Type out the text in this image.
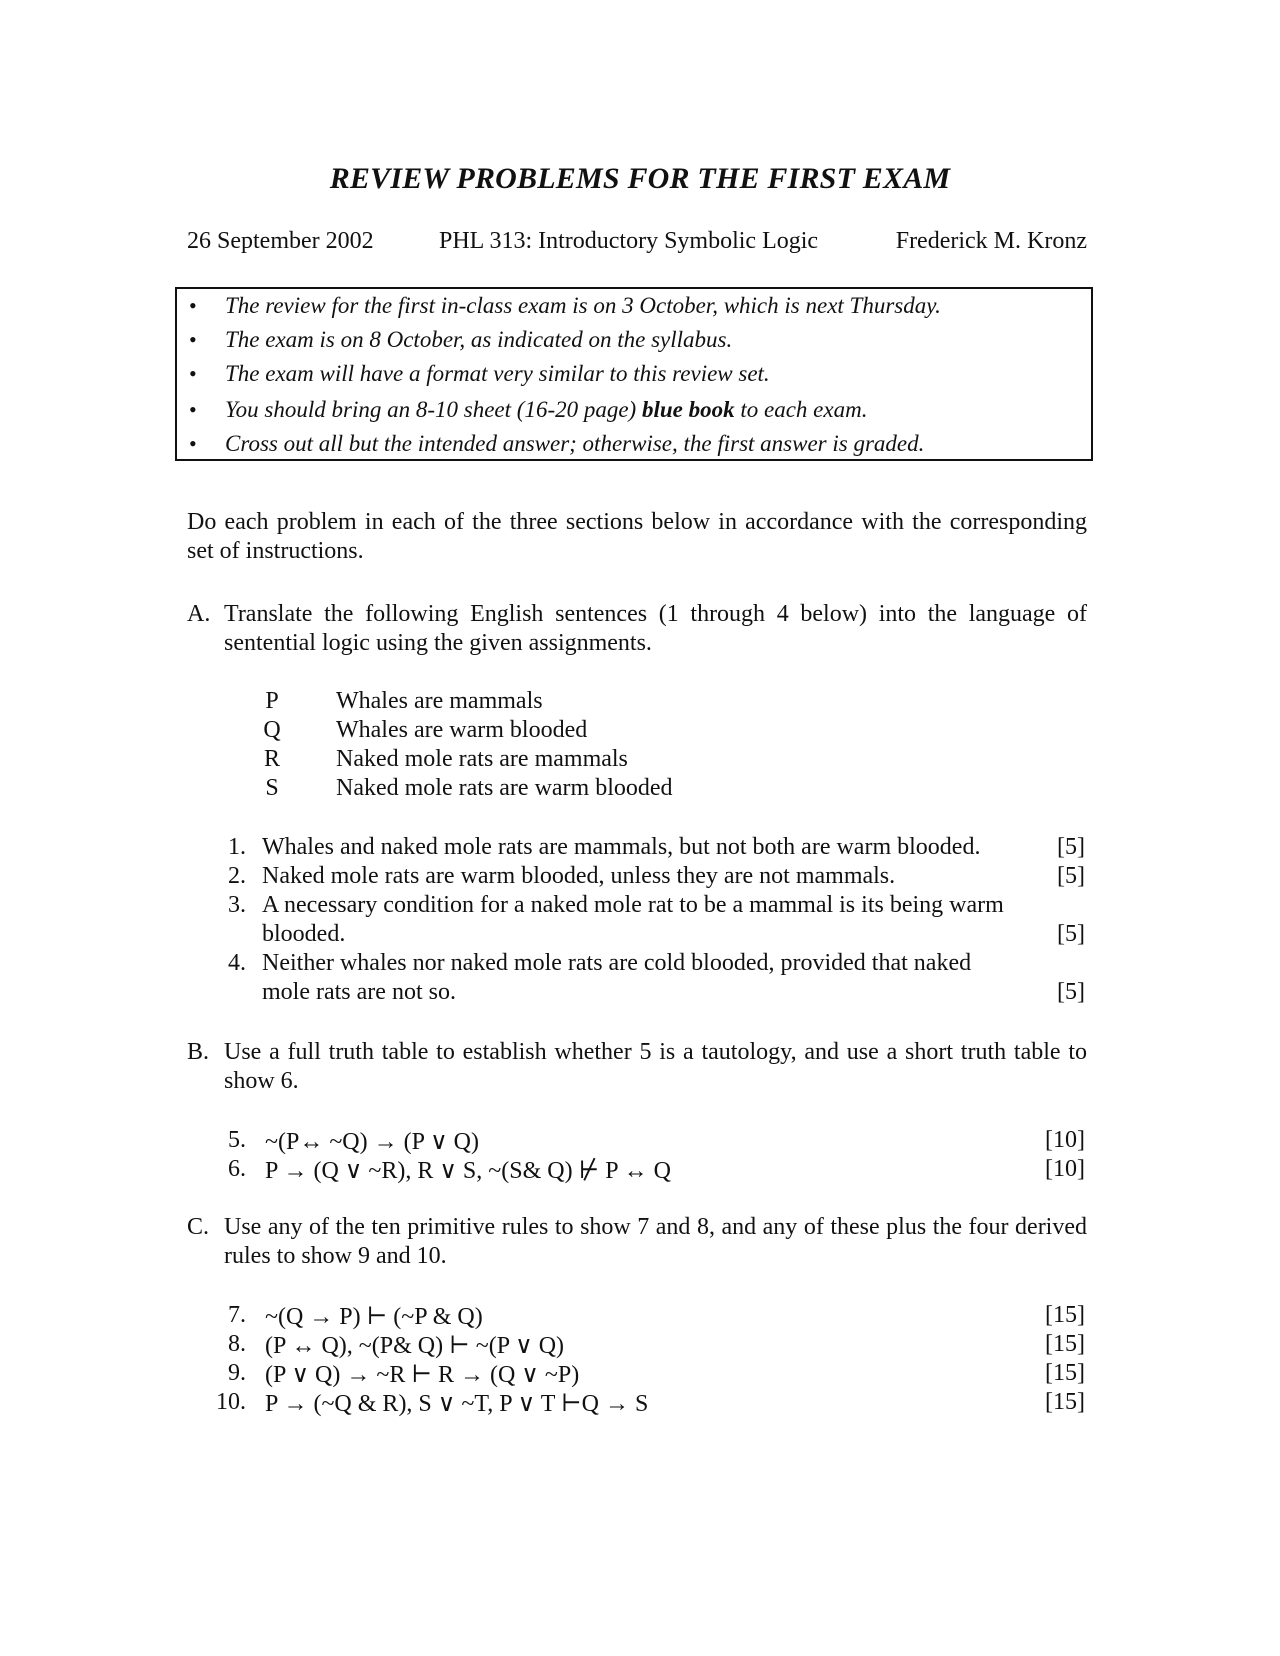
REVIEW PROBLEMS FOR THE FIRST EXAM
26 September 2002	PHL 313: Introductory Symbolic Logic	Frederick M. Kronz
• The review for the first in-class exam is on 3 October, which is next Thursday.
• The exam is on 8 October, as indicated on the syllabus.
• The exam will have a format very similar to this review set.
• You should bring an 8-10 sheet (16-20 page) blue book to each exam.
• Cross out all but the intended answer; otherwise, the first answer is graded.
Do each problem in each of the three sections below in accordance with the corresponding set of instructions.
A. Translate the following English sentences (1 through 4 below) into the language of sentential logic using the given assignments.
P Whales are mammals
Q Whales are warm blooded
R Naked mole rats are mammals
S Naked mole rats are warm blooded
1. Whales and naked mole rats are mammals, but not both are warm blooded.	[5]
2. Naked mole rats are warm blooded, unless they are not mammals.	[5]
3. A necessary condition for a naked mole rat to be a mammal is its being warm
blooded.	[5]
4. Neither whales nor naked mole rats are cold blooded, provided that naked
mole rats are not so.	[5]
B. Use a full truth table to establish whether 5 is a tautology, and use a short truth table to show 6.
5. ~(P↔ ~Q) → (P ∨ Q)	[10]
6. P → (Q ∨ ~R), R ∨ S, ~(S& Q) ⊬ P ↔ Q	[10]
C. Use any of the ten primitive rules to show 7 and 8, and any of these plus the four derived rules to show 9 and 10.
7. ~(Q → P) ⊢ (~P & Q)	[15]
8. (P ↔ Q), ~(P& Q) ⊢ ~(P ∨ Q)	[15]
9. (P ∨ Q) → ~R ⊢ R → (Q ∨ ~P)	[15]
10. P → (~Q & R), S ∨ ~T, P ∨ T ⊢Q → S	[15]
